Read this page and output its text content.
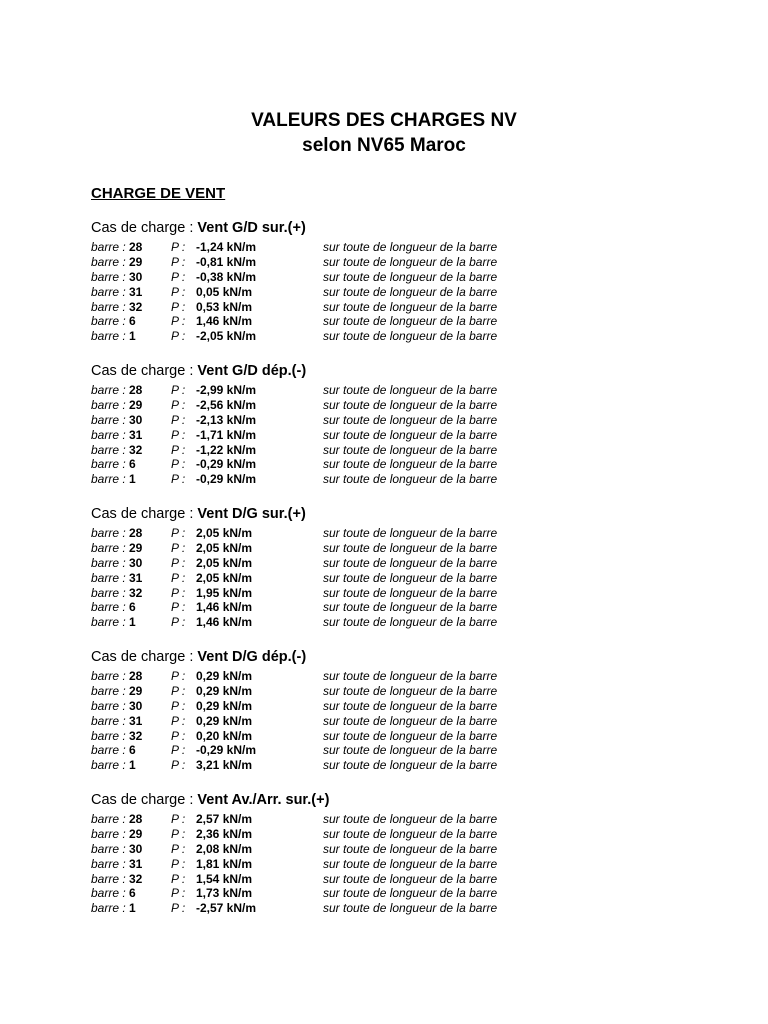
VALEURS DES CHARGES NV
selon NV65 Maroc
CHARGE DE VENT
Cas de charge : Vent G/D sur.(+)
barre : 28 P : -1,24 kN/m	sur toute de longueur de la barre
barre : 29 P : -0,81 kN/m	sur toute de longueur de la barre
barre : 30 P : -0,38 kN/m	sur toute de longueur de la barre
barre : 31 P : 0,05 kN/m	sur toute de longueur de la barre
barre : 32 P : 0,53 kN/m	sur toute de longueur de la barre
barre : 6	P : 1,46 kN/m	sur toute de longueur de la barre
barre : 1	P : -2,05 kN/m	sur toute de longueur de la barre
Cas de charge : Vent G/D dép.(-)
barre : 28 P : -2,99 kN/m	sur toute de longueur de la barre
barre : 29 P : -2,56 kN/m	sur toute de longueur de la barre
barre : 30 P : -2,13 kN/m	sur toute de longueur de la barre
barre : 31 P : -1,71 kN/m	sur toute de longueur de la barre
barre : 32 P : -1,22 kN/m	sur toute de longueur de la barre
barre : 6	P : -0,29 kN/m	sur toute de longueur de la barre
barre : 1	P : -0,29 kN/m	sur toute de longueur de la barre
Cas de charge : Vent D/G sur.(+)
barre : 28 P : 2,05 kN/m	sur toute de longueur de la barre
barre : 29 P : 2,05 kN/m	sur toute de longueur de la barre
barre : 30 P : 2,05 kN/m	sur toute de longueur de la barre
barre : 31 P : 2,05 kN/m	sur toute de longueur de la barre
barre : 32 P : 1,95 kN/m	sur toute de longueur de la barre
barre : 6	P : 1,46 kN/m	sur toute de longueur de la barre
barre : 1	P : 1,46 kN/m	sur toute de longueur de la barre
Cas de charge : Vent D/G dép.(-)
barre : 28 P : 0,29 kN/m	sur toute de longueur de la barre
barre : 29 P : 0,29 kN/m	sur toute de longueur de la barre
barre : 30 P : 0,29 kN/m	sur toute de longueur de la barre
barre : 31 P : 0,29 kN/m	sur toute de longueur de la barre
barre : 32 P : 0,20 kN/m	sur toute de longueur de la barre
barre : 6	P : -0,29 kN/m	sur toute de longueur de la barre
barre : 1	P : 3,21 kN/m	sur toute de longueur de la barre
Cas de charge : Vent Av./Arr. sur.(+)
barre : 28 P : 2,57 kN/m	sur toute de longueur de la barre
barre : 29 P : 2,36 kN/m	sur toute de longueur de la barre
barre : 30 P : 2,08 kN/m	sur toute de longueur de la barre
barre : 31 P : 1,81 kN/m	sur toute de longueur de la barre
barre : 32 P : 1,54 kN/m	sur toute de longueur de la barre
barre : 6	P : 1,73 kN/m	sur toute de longueur de la barre
barre : 1	P : -2,57 kN/m	sur toute de longueur de la barre
